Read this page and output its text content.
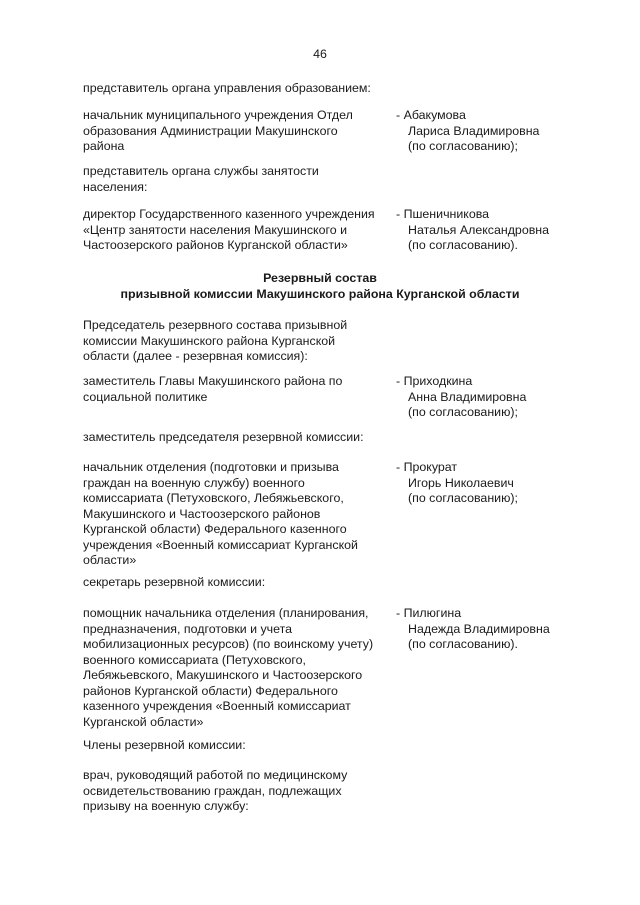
46
представитель органа управления образованием:
начальник муниципального учреждения Отдел
образования Администрации Макушинского
района
- Абакумова
Лариса Владимировна
(по согласованию);
представитель органа службы занятости
населения:
директор Государственного казенного учреждения
«Центр занятости населения Макушинского и
Частоозерского районов Курганской области»
- Пшеничникова
Наталья Александровна
(по согласованию).
Резервный состав
призывной комиссии Макушинского района Курганской области
Председатель резервного состава призывной
комиссии Макушинского района Курганской
области (далее - резервная комиссия):
заместитель Главы Макушинского района по
социальной политике
- Приходкина
Анна Владимировна
(по согласованию);
заместитель председателя резервной комиссии:
начальник отделения (подготовки и призыва
граждан на военную службу) военного
комиссариата (Петуховского, Лебяжьевского,
Макушинского и Частоозерского районов
Курганской области) Федерального казенного
учреждения «Военный комиссариат Курганской
области»
- Прокурат
Игорь Николаевич
(по согласованию);
секретарь резервной комиссии:
помощник начальника отделения (планирования,
предназначения, подготовки и учета
мобилизационных ресурсов) (по воинскому учету)
военного комиссариата (Петуховского,
Лебяжьевского, Макушинского и Частоозерского
районов Курганской области) Федерального
казенного учреждения «Военный комиссариат
Курганской области»
- Пилюгина
Надежда Владимировна
(по согласованию).
Члены резервной комиссии:
врач, руководящий работой по медицинскому
освидетельствованию граждан, подлежащих
призыву на военную службу:
